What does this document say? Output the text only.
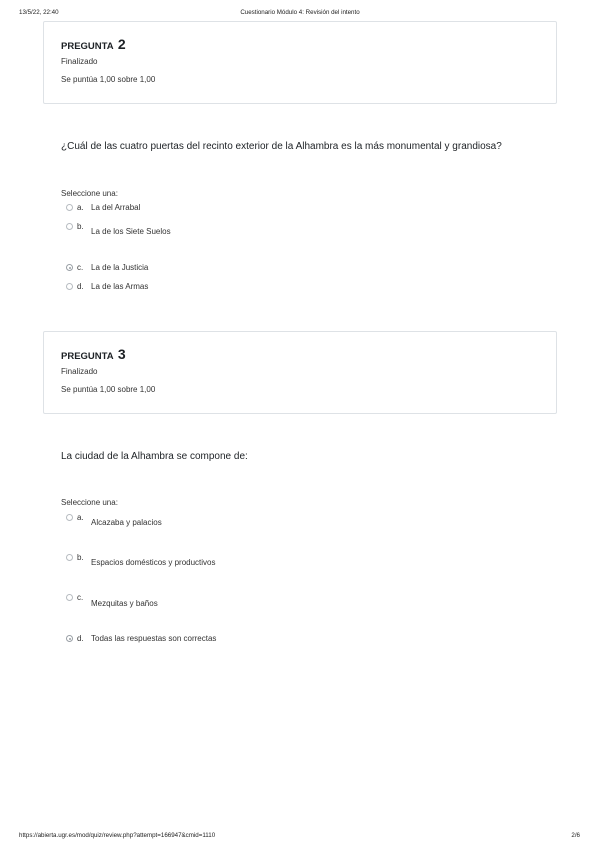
13/5/22, 22:40	Cuestionario Módulo 4: Revisión del intento
PREGUNTA 2
Finalizado
Se puntúa 1,00 sobre 1,00
¿Cuál de las cuatro puertas del recinto exterior de la Alhambra es la más monumental y grandiosa?
Seleccione una:
a. La del Arrabal
b.
La de los Siete Suelos
c. La de la Justicia
d. La de las Armas
PREGUNTA 3
Finalizado
Se puntúa 1,00 sobre 1,00
La ciudad de la Alhambra se compone de:
Seleccione una:
a.
Alcazaba y palacios
b.
Espacios domésticos y productivos
c.
Mezquitas y baños
d. Todas las respuestas son correctas
https://abierta.ugr.es/mod/quiz/review.php?attempt=166947&cmid=1110	2/6
